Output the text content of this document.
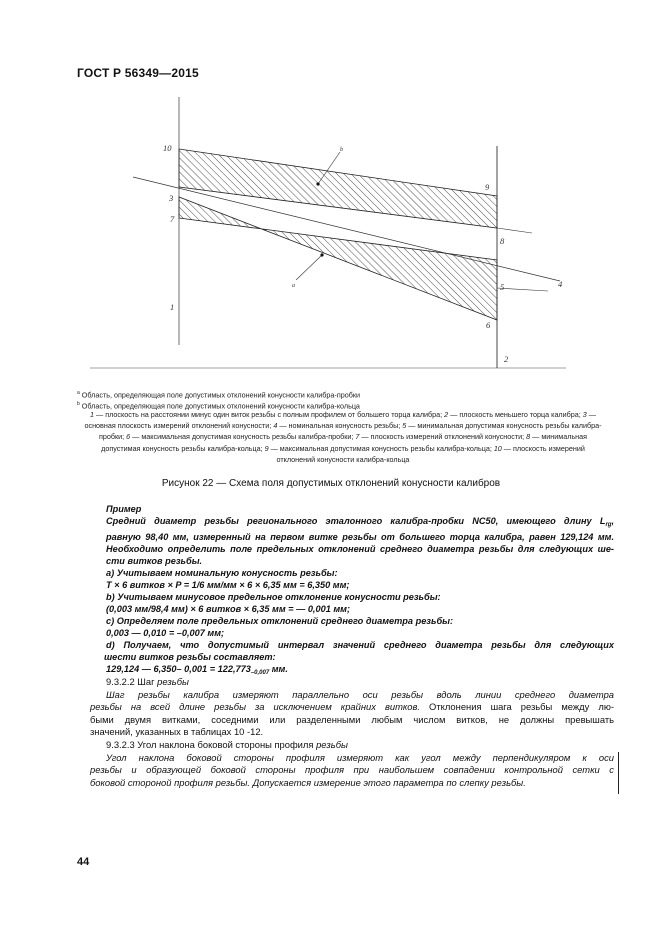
ГОСТ Р 56349—2015
10
3
7
1
9
8
5
6
2
4
а
b
$^a$ Область, определяющая поле допустимых отклонений конусности калибра-пробки
$^b$ Область, определяющая поле допустимых отклонений конусности калибра-кольца
1 — плоскость на расстоянии минус один виток резьбы с полным профилем от большего торца калибра; 2 — плоскость меньшего торца калибра; 3 — основная плоскость измерений отклонений конусности; 4 — номинальная конусность резьбы; 5 — минимальная допустимая конусность резьбы калибра-пробки; 6 — максимальная допустимая конусность резьбы калибра-пробки; 7 — плоскость измерений отклонений конусности; 8 — минимальная допустимая конусность резьбы калибра-кольца; 9 — максимальная допустимая конусность резьбы калибра-кольца; 10 — плоскость измерений отклонений конусности калибра-кольца
Рисунок 22 — Схема поля допустимых отклонений конусности калибров

Пример

Средний диаметр резьбы регионального эталонного калибра-пробки NC50, имеющего длину $L_{rg}$,

равную 98,40 мм, измеренный на первом витке резьбы от большего торца калибра, равен 129,124 мм.

Необходимо определить поле предельных отклонений среднего диаметра резьбы для следующих ше-

сти витков резьбы.

a) Учитываем номинальную конусность резьбы:

T × 6 витков × P = 1/6 мм/мм × 6 × 6,35 мм = 6,350 мм;

b) Учитываем минусовое предельное отклонение конусности резьбы:

(0,003 мм/98,4 мм) × 6 витков × 6,35 мм = — 0,001 мм;

c) Определяем поле предельных отклонений среднего диаметра резьбы:

0,003 — 0,010 = –0,007 мм;

d) Получаем, что допустимый интервал значений среднего диаметра резьбы для следующих

шести витков резьбы составляет:

129,124 — 6,350– $0,001 = 122,773_{-0,007}$ мм.

9.3.2.2 Шаг резьбы

Шаг резьбы калибра измеряют параллельно оси резьбы вдоль линии среднего диаметра

резьбы на всей длине резьбы за исключением крайних витков. Отклонения шага резьбы между лю-

быми двумя витками, соседними или разделенными любым числом витков, не должны превышать

значений, указанных в таблицах 10 -12.

9.3.2.3 Угол наклона боковой стороны профиля резьбы

Угол наклона боковой стороны профиля измеряют как угол между перпендикуляром к оси

резьбы и образующей боковой стороны профиля при наибольшем совпадении контрольной сетки с

боковой стороной профиля резьбы. Допускается измерение этого параметра по слепку резьбы.

44
